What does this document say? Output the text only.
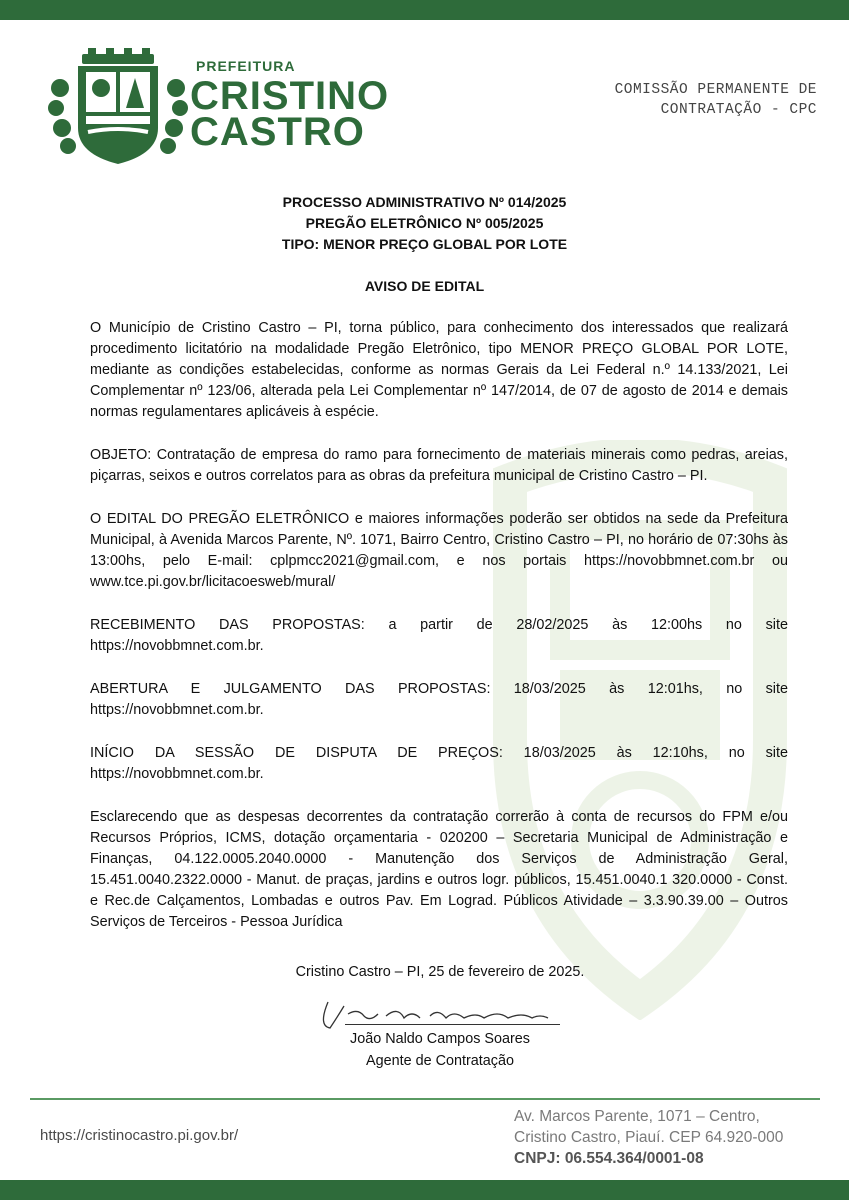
PREFEITURA
CRISTINO
CASTRO
COMISSÃO PERMANENTE DE
CONTRATAÇÃO - CPC
PROCESSO ADMINISTRATIVO Nº 014/2025
PREGÃO ELETRÔNICO Nº 005/2025
TIPO: MENOR PREÇO GLOBAL POR LOTE
AVISO DE EDITAL

O Município de Cristino Castro – PI, torna público, para conhecimento dos interessados que realizará procedimento licitatório na modalidade Pregão Eletrônico, tipo MENOR PREÇO GLOBAL POR LOTE, mediante as condições estabelecidas, conforme as normas Gerais da Lei Federal n.º 14.133/2021, Lei Complementar nº 123/06, alterada pela Lei Complementar nº 147/2014, de 07 de agosto de 2014 e demais normas regulamentares aplicáveis à espécie.

OBJETO: Contratação de empresa do ramo para fornecimento de materiais minerais como pedras, areias, piçarras, seixos e outros correlatos para as obras da prefeitura municipal de Cristino Castro – PI.

O EDITAL DO PREGÃO ELETRÔNICO e maiores informações poderão ser obtidos na sede da Prefeitura Municipal, à Avenida Marcos Parente, Nº. 1071, Bairro Centro, Cristino Castro – PI, no horário de 07:30hs às 13:00hs, pelo E-mail: cplpmcc2021@gmail.com, e nos portais https://novobbmnet.com.br ou www.tce.pi.gov.br/licitacoesweb/mural/

RECEBIMENTO DAS PROPOSTAS: a partir de 28/02/2025 às 12:00hs no site
https://novobbmnet.com.br.

ABERTURA E JULGAMENTO DAS PROPOSTAS: 18/03/2025 às 12:01hs, no site
https://novobbmnet.com.br.

INÍCIO DA SESSÃO DE DISPUTA DE PREÇOS: 18/03/2025 às 12:10hs, no site
https://novobbmnet.com.br.

Esclarecendo que as despesas decorrentes da contratação correrão à conta de recursos do FPM e/ou Recursos Próprios, ICMS, dotação orçamentaria - 020200 – Secretaria Municipal de Administração e Finanças, 04.122.0005.2040.0000 - Manutenção dos Serviços de Administração Geral, 15.451.0040.2322.0000 - Manut. de praças, jardins e outros logr. públicos, 15.451.0040.1 320.0000 - Const. e Rec.de Calçamentos, Lombadas e outros Pav. Em Lograd. Públicos Atividade – 3.3.90.39.00 – Outros Serviços de Terceiros - Pessoa Jurídica

Cristino Castro – PI, 25 de fevereiro de 2025.
João Naldo Campos Soares
Agente de Contratação
https://cristinocastro.pi.gov.br/
Av. Marcos Parente, 1071 – Centro,
Cristino Castro, Piauí. CEP 64.920-000
CNPJ: 06.554.364/0001-08
